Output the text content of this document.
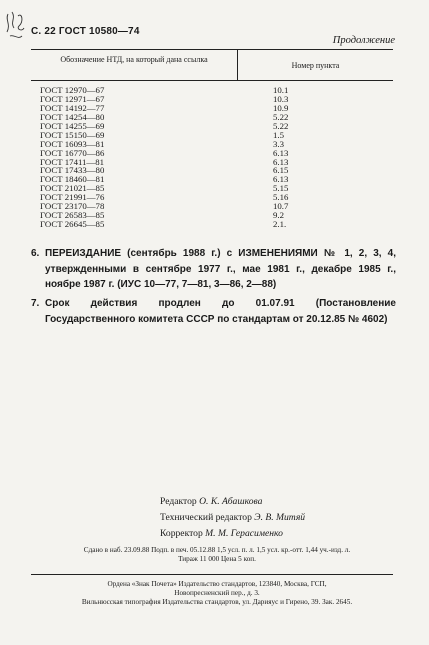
С. 22 ГОСТ 10580—74
Продолжение
Обозначение НТД, на который дана ссылка
Номер пункта
ГОСТ 12970—67	10.1
ГОСТ 12971—67	10.3
ГОСТ 14192—77	10.9
ГОСТ 14254—80	5.22
ГОСТ 14255—69	5.22
ГОСТ 15150—69	1.5
ГОСТ 16093—81	3.3
ГОСТ 16770—86	6.13
ГОСТ 17411—81	6.13
ГОСТ 17433—80	6.15
ГОСТ 18460—81	6.13
ГОСТ 21021—85	5.15
ГОСТ 21991—76	5.16
ГОСТ 23170—78	10.7
ГОСТ 26583—85	9.2
ГОСТ 26645—85	2.1.
6. ПЕРЕИЗДАНИЕ (сентябрь 1988 г.) с ИЗМЕНЕНИЯМИ № 1, 2, 3, 4, утвержденными в сентябре 1977 г., мае 1981 г., декабре 1985 г., ноябре 1987 г. (ИУС 10—77, 7—81, 3—86, 2—88)
7. Срок действия продлен до 01.07.91 (Постановление Государственного комитета СССР по стандартам от 20.12.85 № 4602)
Редактор О. К. Абашкова
Технический редактор Э. В. Митяй
Корректор М. М. Герасименко
Сдано в наб. 23.09.88 Подп. в печ. 05.12.88 1,5 усл. п. л. 1,5 усл. кр.-отт. 1,44 уч.-изд. л.
Тираж 11 000 Цена 5 коп.
Ордена «Знак Почета» Издательство стандартов, 123840, Москва, ГСП,
Новопресненский пер., д. 3.
Вильнюсская типография Издательства стандартов, ул. Дарияус и Гирено, 39. Зак. 2645.
